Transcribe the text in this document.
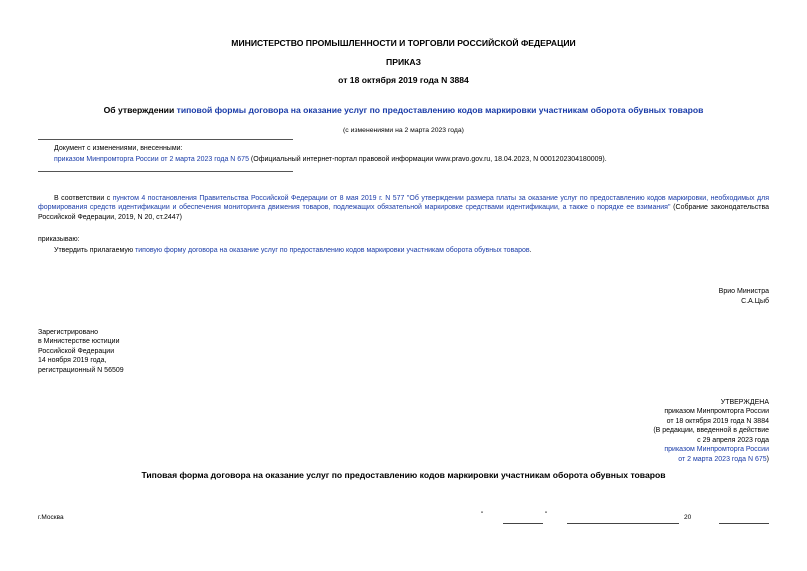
МИНИСТЕРСТВО ПРОМЫШЛЕННОСТИ И ТОРГОВЛИ РОССИЙСКОЙ ФЕДЕРАЦИИ
ПРИКАЗ
от 18 октября 2019 года N 3884
Об утверждении типовой формы договора на оказание услуг по предоставлению кодов маркировки участникам оборота обувных товаров
(с изменениями на 2 марта 2023 года)
Документ с изменениями, внесенными:
приказом Минпромторга России от 2 марта 2023 года N 675 (Официальный интернет-портал правовой информации www.pravo.gov.ru, 18.04.2023, N 0001202304180009).
В соответствии с пунктом 4 постановления Правительства Российской Федерации от 8 мая 2019 г. N 577 "Об утверждении размера платы за оказание услуг по предоставлению кодов маркировки, необходимых для формирования средств идентификации и обеспечения мониторинга движения товаров, подлежащих обязательной маркировке средствами идентификации, а также о порядке ее взимания" (Собрание законодательства Российской Федерации, 2019, N 20, ст.2447)
приказываю:
Утвердить прилагаемую типовую форму договора на оказание услуг по предоставлению кодов маркировки участникам оборота обувных товаров.
Врио Министра
С.А.Цыб
Зарегистрировано
в Министерстве юстиции
Российской Федерации
14 ноября 2019 года,
регистрационный N 56509
УТВЕРЖДЕНА
приказом Минпромторга России
от 18 октября 2019 года N 3884
(В редакции, введенной в действие
с 29 апреля 2023 года
приказом Минпромторга России
от 2 марта 2023 года N 675)
Типовая форма договора на оказание услуг по предоставлению кодов маркировки участникам оборота обувных товаров
г.Москва	"	"	20
